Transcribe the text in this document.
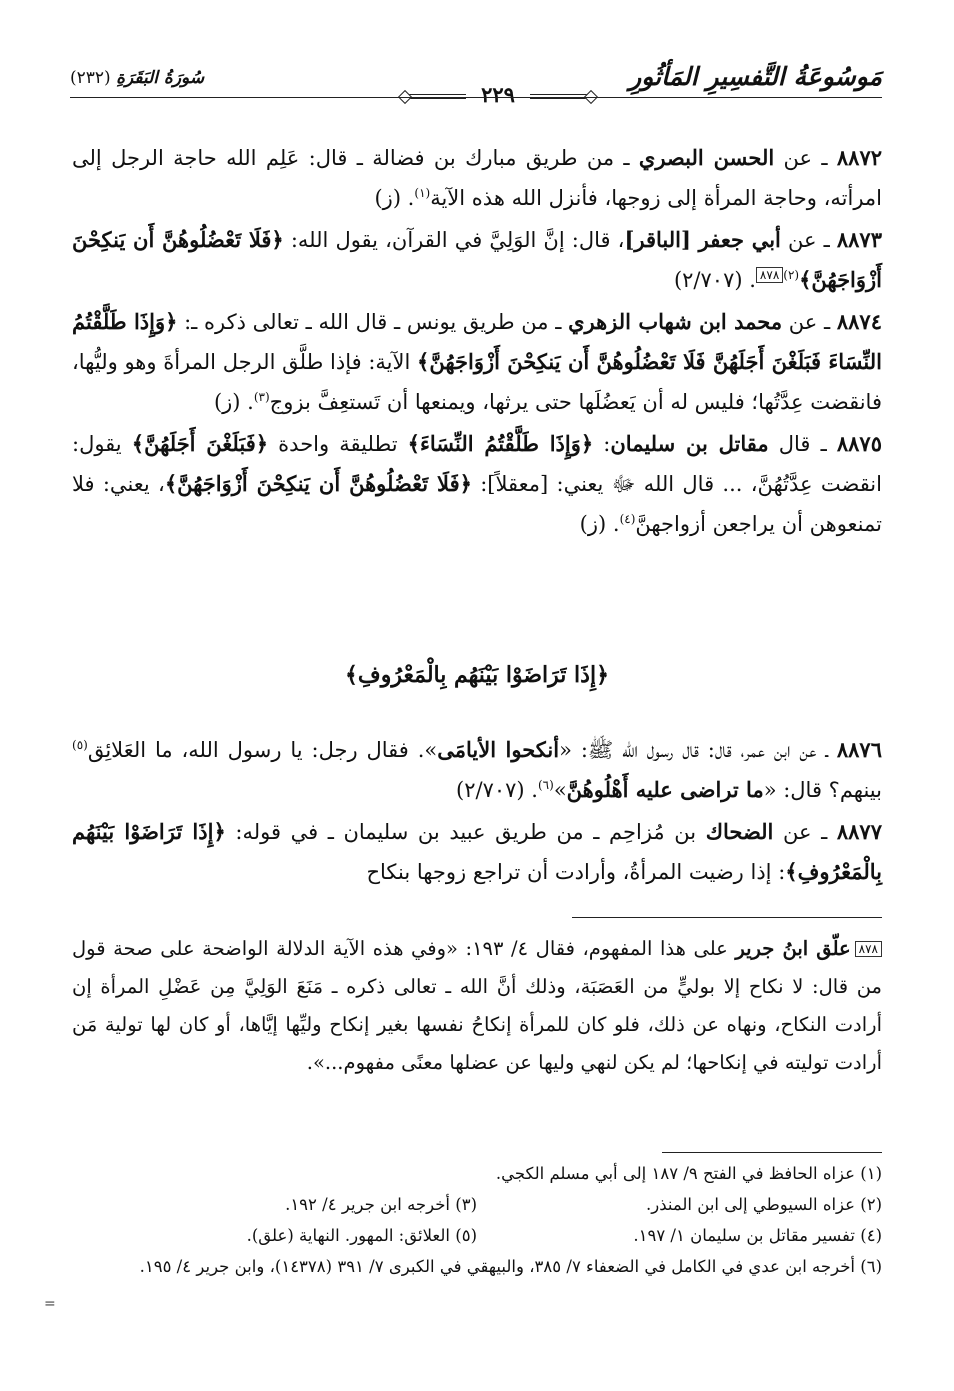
مَوسُوعَةُ التَّفسِيرِ المَأثُورِ
سُورَةُ البَقَرَةِ (٢٣٢)
٢٢٩

٨٨٧٢ ـ عن الحسن البصري ـ من طريق مبارك بن فضالة ـ قال: عَلِم الله حاجة الرجل إلى امرأته، وحاجة المرأة إلى زوجها، فأنزل الله هذه الآية$^{(١)}$. (ز)

٨٨٧٣ ـ عن أبي جعفر [الباقر]، قال: إنَّ الوَلِيَّ في القرآن، يقول الله: ﴿فَلَا تَعْضُلُوهُنَّ أَن يَنكِحْنَ أَزْوَاجَهُنَّ﴾$^{(٢)٨٧٨}$. (٢/٧٠٧)

٨٨٧٤ ـ عن محمد ابن شهاب الزهري ـ من طريق يونس ـ قال الله ـ تعالى ذكره ـ: ﴿وَإِذَا طَلَّقْتُمُ النِّسَاءَ فَبَلَغْنَ أَجَلَهُنَّ فَلَا تَعْضُلُوهُنَّ أَن يَنكِحْنَ أَزْوَاجَهُنَّ﴾ الآية: فإذا طلَّق الرجل المرأةَ وهو وليُّها، فانقضت عِدَّتُها؛ فليس له أن يَعضُلَها حتى يرثها، ويمنعها أن تَستعِفَّ بزوج$^{(٣)}$. (ز)

٨٨٧٥ ـ قال مقاتل بن سليمان: ﴿وَإِذَا طَلَّقْتُمُ النِّسَاءَ﴾ تطليقة واحدة ﴿فَبَلَغْنَ أَجَلَهُنَّ﴾ يقول: انقضت عِدَّتُهُنَّ، ... قال الله ﷻ يعني: [معقلاً]: ﴿فَلَا تَعْضُلُوهُنَّ أَن يَنكِحْنَ أَزْوَاجَهُنَّ﴾، يعني: فلا تمنعوهن أن يراجعن أزواجهنَّ$^{(٤)}$. (ز)

﴿إِذَا تَرَاضَوْا بَيْنَهُم بِالْمَعْرُوفِ﴾

٨٨٧٦ ـ عن ابن عمر، قال: قال رسول الله ﷺ: «أنكحوا الأيامَى». فقال رجل: يا رسول الله، ما العَلائِق$^{(٥)}$ بينهم؟ قال: «ما تراضى عليه أَهْلُوهُنَّ»$^{(٦)}$. (٢/٧٠٧)

٨٨٧٧ ـ عن الضحاك بن مُزاحِم ـ من طريق عبيد بن سليمان ـ في قوله: ﴿إِذَا تَرَاضَوْا بَيْنَهُم بِالْمَعْرُوفِ﴾: إذا رضيت المرأةُ، وأرادت أن تراجع زوجها بنكاح

٨٧٨علّق ابنُ جرير على هذا المفهوم، فقال ٤/ ١٩٣: «وفي هذه الآية الدلالة الواضحة على صحة قول من قال: لا نكاح إلا بوليٍّ من العَصَبَة، وذلك أنَّ الله ـ تعالى ذكره ـ مَنَعَ الوَلِيَّ مِن عَضْلِ المرأة إن أرادت النكاح، ونهاه عن ذلك، فلو كان للمرأة إنكاحُ نفسها بغير إنكاح وليِّها إيَّاها، أو كان لها تولية مَن أرادت توليته في إنكاحها؛ لم يكن لنهي وليها عن عضلها معنًى مفهوم...».
(١) عزاه الحافظ في الفتح ٩/ ١٨٧ إلى أبي مسلم الكجي.
(٢) عزاه السيوطي إلى ابن المنذر.
(٣) أخرجه ابن جرير ٤/ ١٩٢.
(٤) تفسير مقاتل بن سليمان ١/ ١٩٧.
(٥) العلائق: المهور. النهاية (علق).
(٦) أخرجه ابن عدي في الكامل في الضعفاء ٧/ ٣٨٥، والبيهقي في الكبرى ٧/ ٣٩١ (١٤٣٧٨)، وابن جرير ٤/ ١٩٥.
=
